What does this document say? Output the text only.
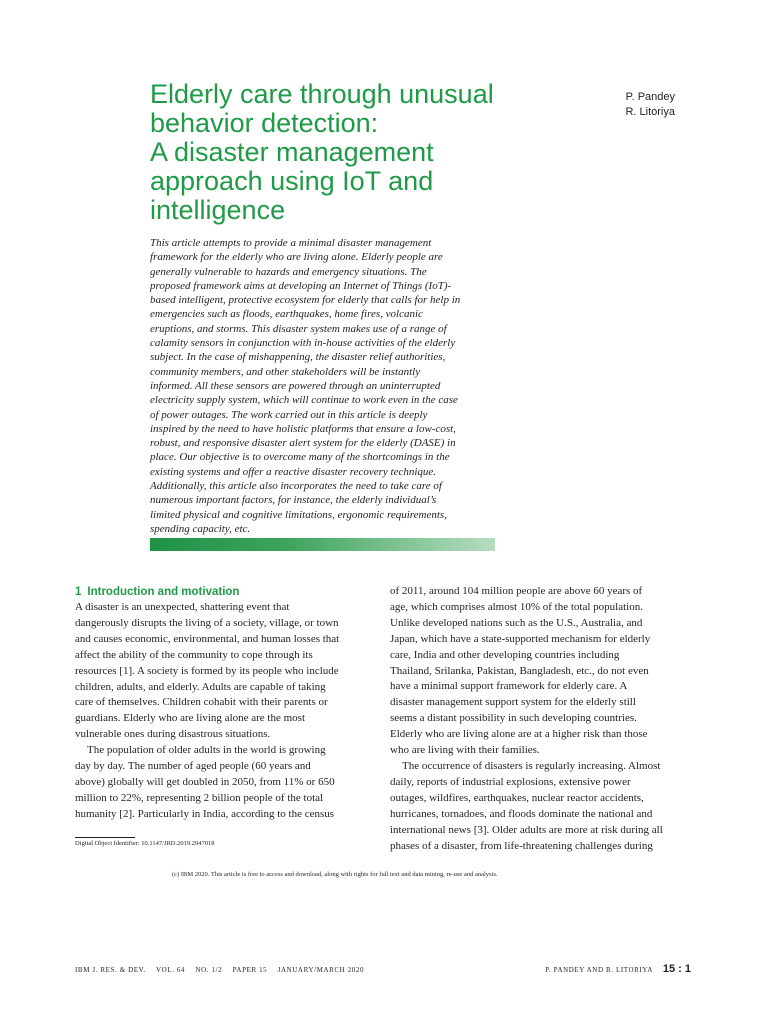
Elderly care through unusual
behavior detection:
A disaster management
approach using IoT and
intelligence
P. Pandey
R. Litoriya

This article attempts to provide a minimal disaster management
framework for the elderly who are living alone. Elderly people are
generally vulnerable to hazards and emergency situations. The
proposed framework aims at developing an Internet of Things (IoT)-
based intelligent, protective ecosystem for elderly that calls for help in
emergencies such as floods, earthquakes, home fires, volcanic
eruptions, and storms. This disaster system makes use of a range of
calamity sensors in conjunction with in-house activities of the elderly
subject. In the case of mishappening, the disaster relief authorities,
community members, and other stakeholders will be instantly
informed. All these sensors are powered through an uninterrupted
electricity supply system, which will continue to work even in the case
of power outages. The work carried out in this article is deeply
inspired by the need to have holistic platforms that ensure a low-cost,
robust, and responsive disaster alert system for the elderly (DASE) in
place. Our objective is to overcome many of the shortcomings in the
existing systems and offer a reactive disaster recovery technique.
Additionally, this article also incorporates the need to take care of
numerous important factors, for instance, the elderly individual’s
limited physical and cognitive limitations, ergonomic requirements,
spending capacity, etc.

1 Introduction and motivation
A disaster is an unexpected, shattering event that
dangerously disrupts the living of a society, village, or town
and causes economic, environmental, and human losses that
affect the ability of the community to cope through its
resources [1]. A society is formed by its people who include
children, adults, and elderly. Adults are capable of taking
care of themselves. Children cohabit with their parents or
guardians. Elderly who are living alone are the most
vulnerable ones during disastrous situations.
The population of older adults in the world is growing
day by day. The number of aged people (60 years and
above) globally will get doubled in 2050, from 11% or 650
million to 22%, representing 2 billion people of the total
humanity [2]. Particularly in India, according to the census
of 2011, around 104 million people are above 60 years of
age, which comprises almost 10% of the total population.
Unlike developed nations such as the U.S., Australia, and
Japan, which have a state-supported mechanism for elderly
care, India and other developing countries including
Thailand, Srilanka, Pakistan, Bangladesh, etc., do not even
have a minimal support framework for elderly care. A
disaster management support system for the elderly still
seems a distant possibility in such developing countries.
Elderly who are living alone are at a higher risk than those
who are living with their families.
The occurrence of disasters is regularly increasing. Almost
daily, reports of industrial explosions, extensive power
outages, wildfires, earthquakes, nuclear reactor accidents,
hurricanes, tornadoes, and floods dominate the national and
international news [3]. Older adults are more at risk during all
phases of a disaster, from life-threatening challenges during
Digital Object Identifier: 10.1147/JRD.2019.2947018
(c) IBM 2020. This article is free to access and download, along with rights for full text and data mining, re-use and analysis.
IBM J. RES. & DEV. VOL. 64 NO. 1/2 PAPER 15 JANUARY/MARCH 2020	P. PANDEY AND R. LITORIYA 15 : 1
